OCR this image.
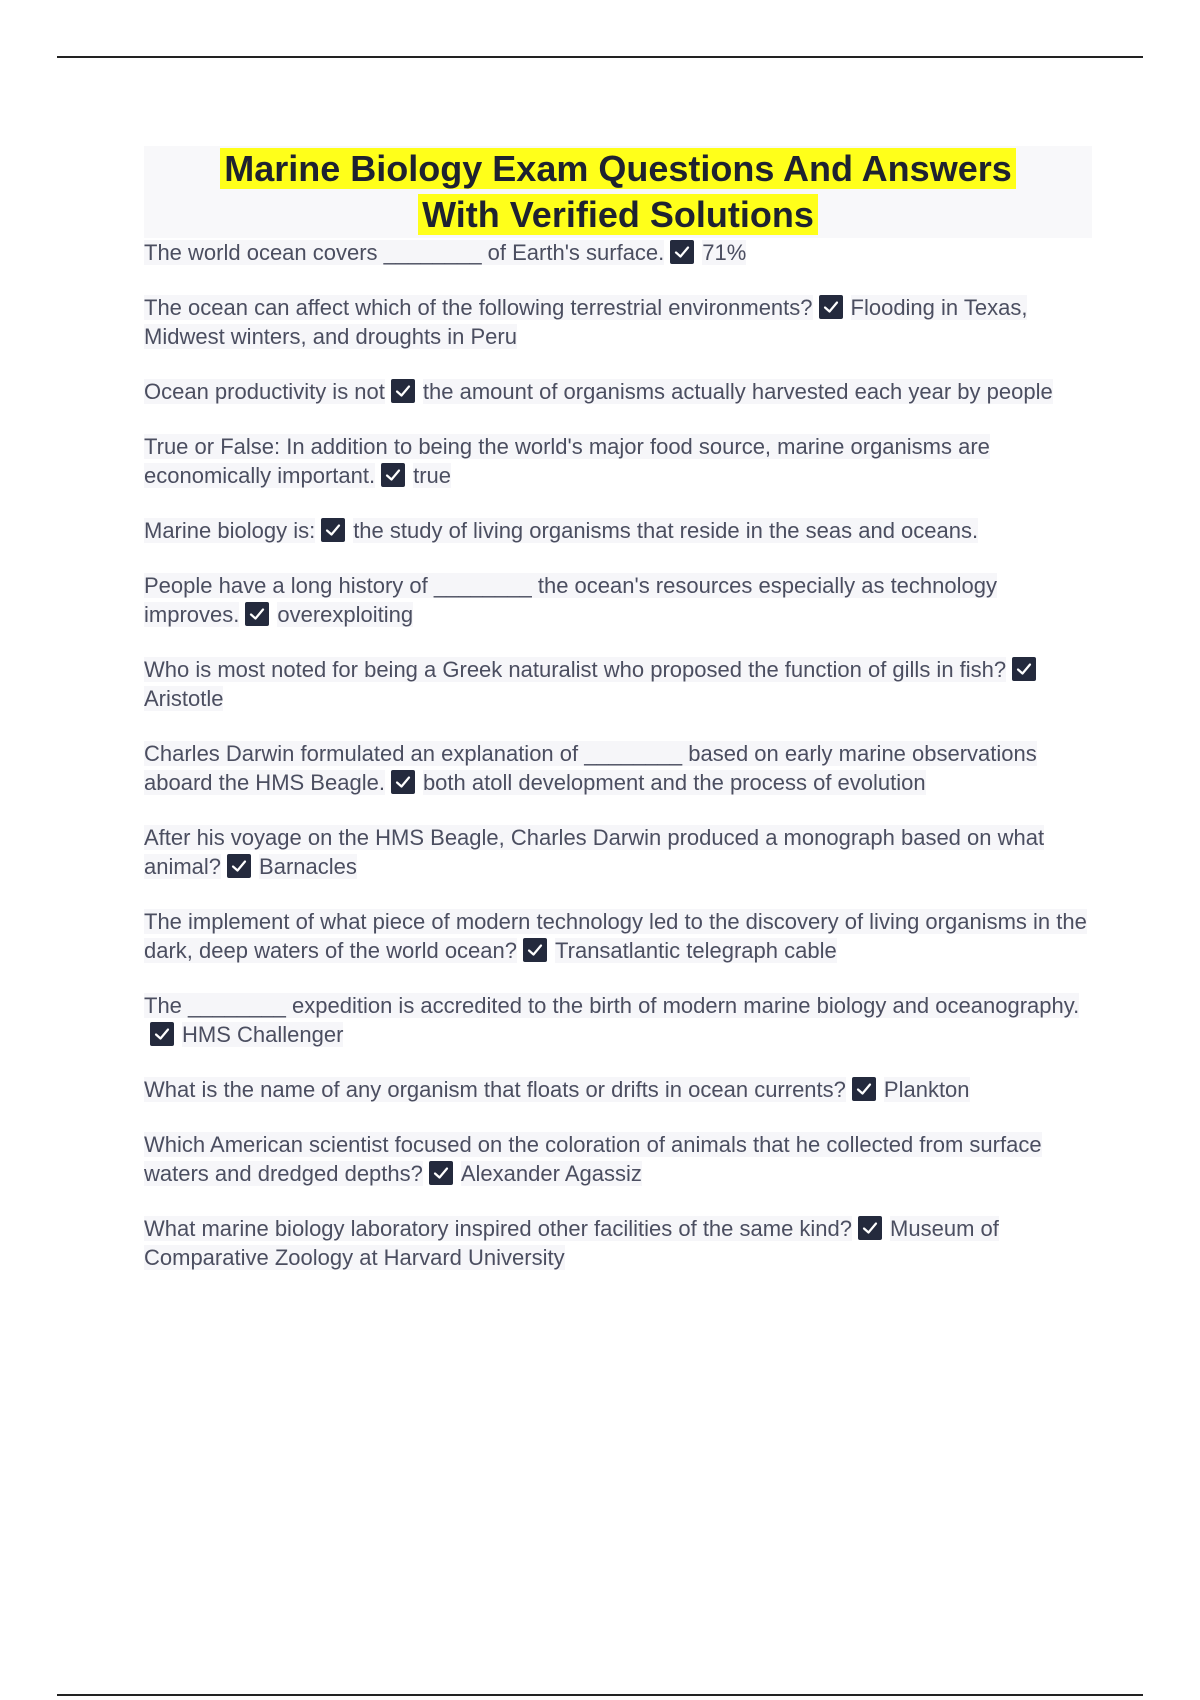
Marine Biology Exam Questions And Answers
With Verified Solutions

The world ocean covers ________ of Earth's surface. 71%

The ocean can affect which of the following terrestrial environments? Flooding in Texas, Midwest winters, and droughts in Peru

Ocean productivity is not the amount of organisms actually harvested each year by people

True or False: In addition to being the world's major food source, marine organisms are economically important. true

Marine biology is: the study of living organisms that reside in the seas and oceans.

People have a long history of ________ the ocean's resources especially as technology improves. overexploiting

Who is most noted for being a Greek naturalist who proposed the function of gills in fish?
Aristotle

Charles Darwin formulated an explanation of ________ based on early marine observations aboard the HMS Beagle. both atoll development and the process of evolution

After his voyage on the HMS Beagle, Charles Darwin produced a monograph based on what animal? Barnacles

The implement of what piece of modern technology led to the discovery of living organisms in the dark, deep waters of the world ocean? Transatlantic telegraph cable

The ________ expedition is accredited to the birth of modern marine biology and oceanography.
HMS Challenger

What is the name of any organism that floats or drifts in ocean currents? Plankton

Which American scientist focused on the coloration of animals that he collected from surface waters and dredged depths? Alexander Agassiz

What marine biology laboratory inspired other facilities of the same kind? Museum of Comparative Zoology at Harvard University
